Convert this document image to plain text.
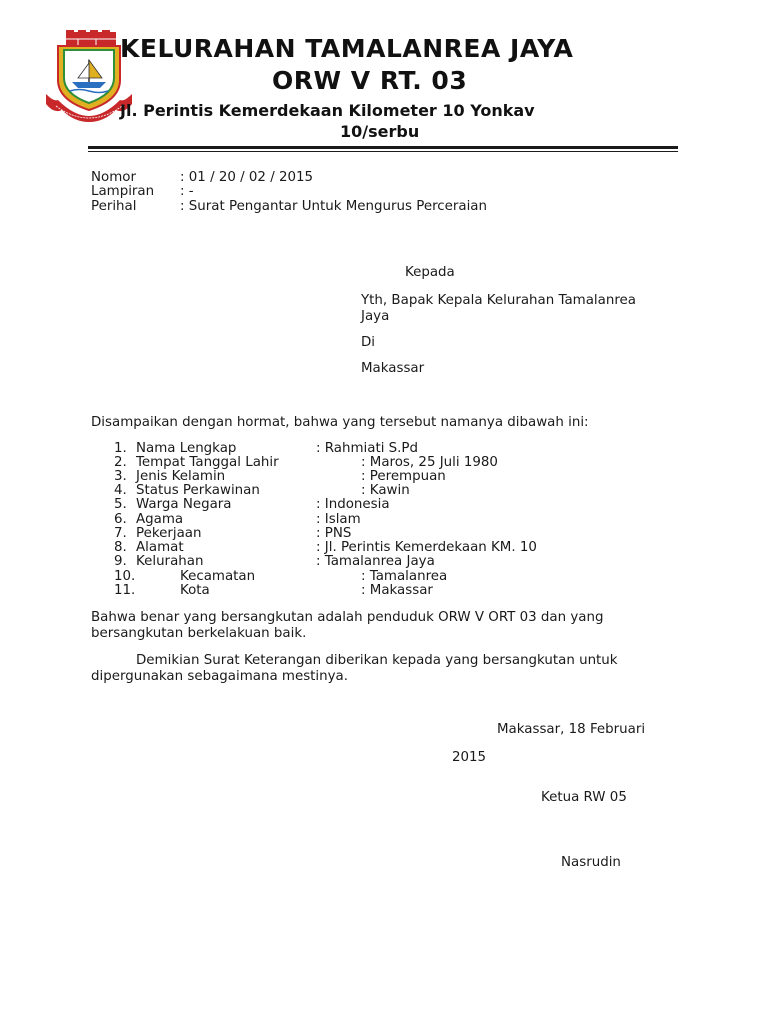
KELURAHAN TAMALANREA JAYA
ORW V RT. 03
Jl. Perintis Kemerdekaan Kilometer 10 Yonkav
10/serbu
Nomor	: 01 / 20 / 02 / 2015
Lampiran : -
Perihal	: Surat Pengantar Untuk Mengurus Perceraian
Kepada
Yth, Bapak Kepala Kelurahan Tamalanrea
Jaya
Di
Makassar
Disampaikan dengan hormat, bahwa yang tersebut namanya dibawah ini:
1. Nama Lengkap	: Rahmiati S.Pd
2. Tempat Tanggal Lahir	: Maros, 25 Juli 1980
3. Jenis Kelamin	: Perempuan
4. Status Perkawinan	: Kawin
5. Warga Negara	: Indonesia
6. Agama	: Islam
7. Pekerjaan	: PNS
8. Alamat	: Jl. Perintis Kemerdekaan KM. 10
9. Kelurahan	: Tamalanrea Jaya
10.	Kecamatan	: Tamalanrea
11.	Kota	: Makassar
Bahwa benar yang bersangkutan adalah penduduk ORW V ORT 03 dan yang
bersangkutan berkelakuan baik.
Demikian Surat Keterangan diberikan kepada yang bersangkutan untuk
dipergunakan sebagaimana mestinya.
Makassar, 18 Februari
2015
Ketua RW 05
Nasrudin
